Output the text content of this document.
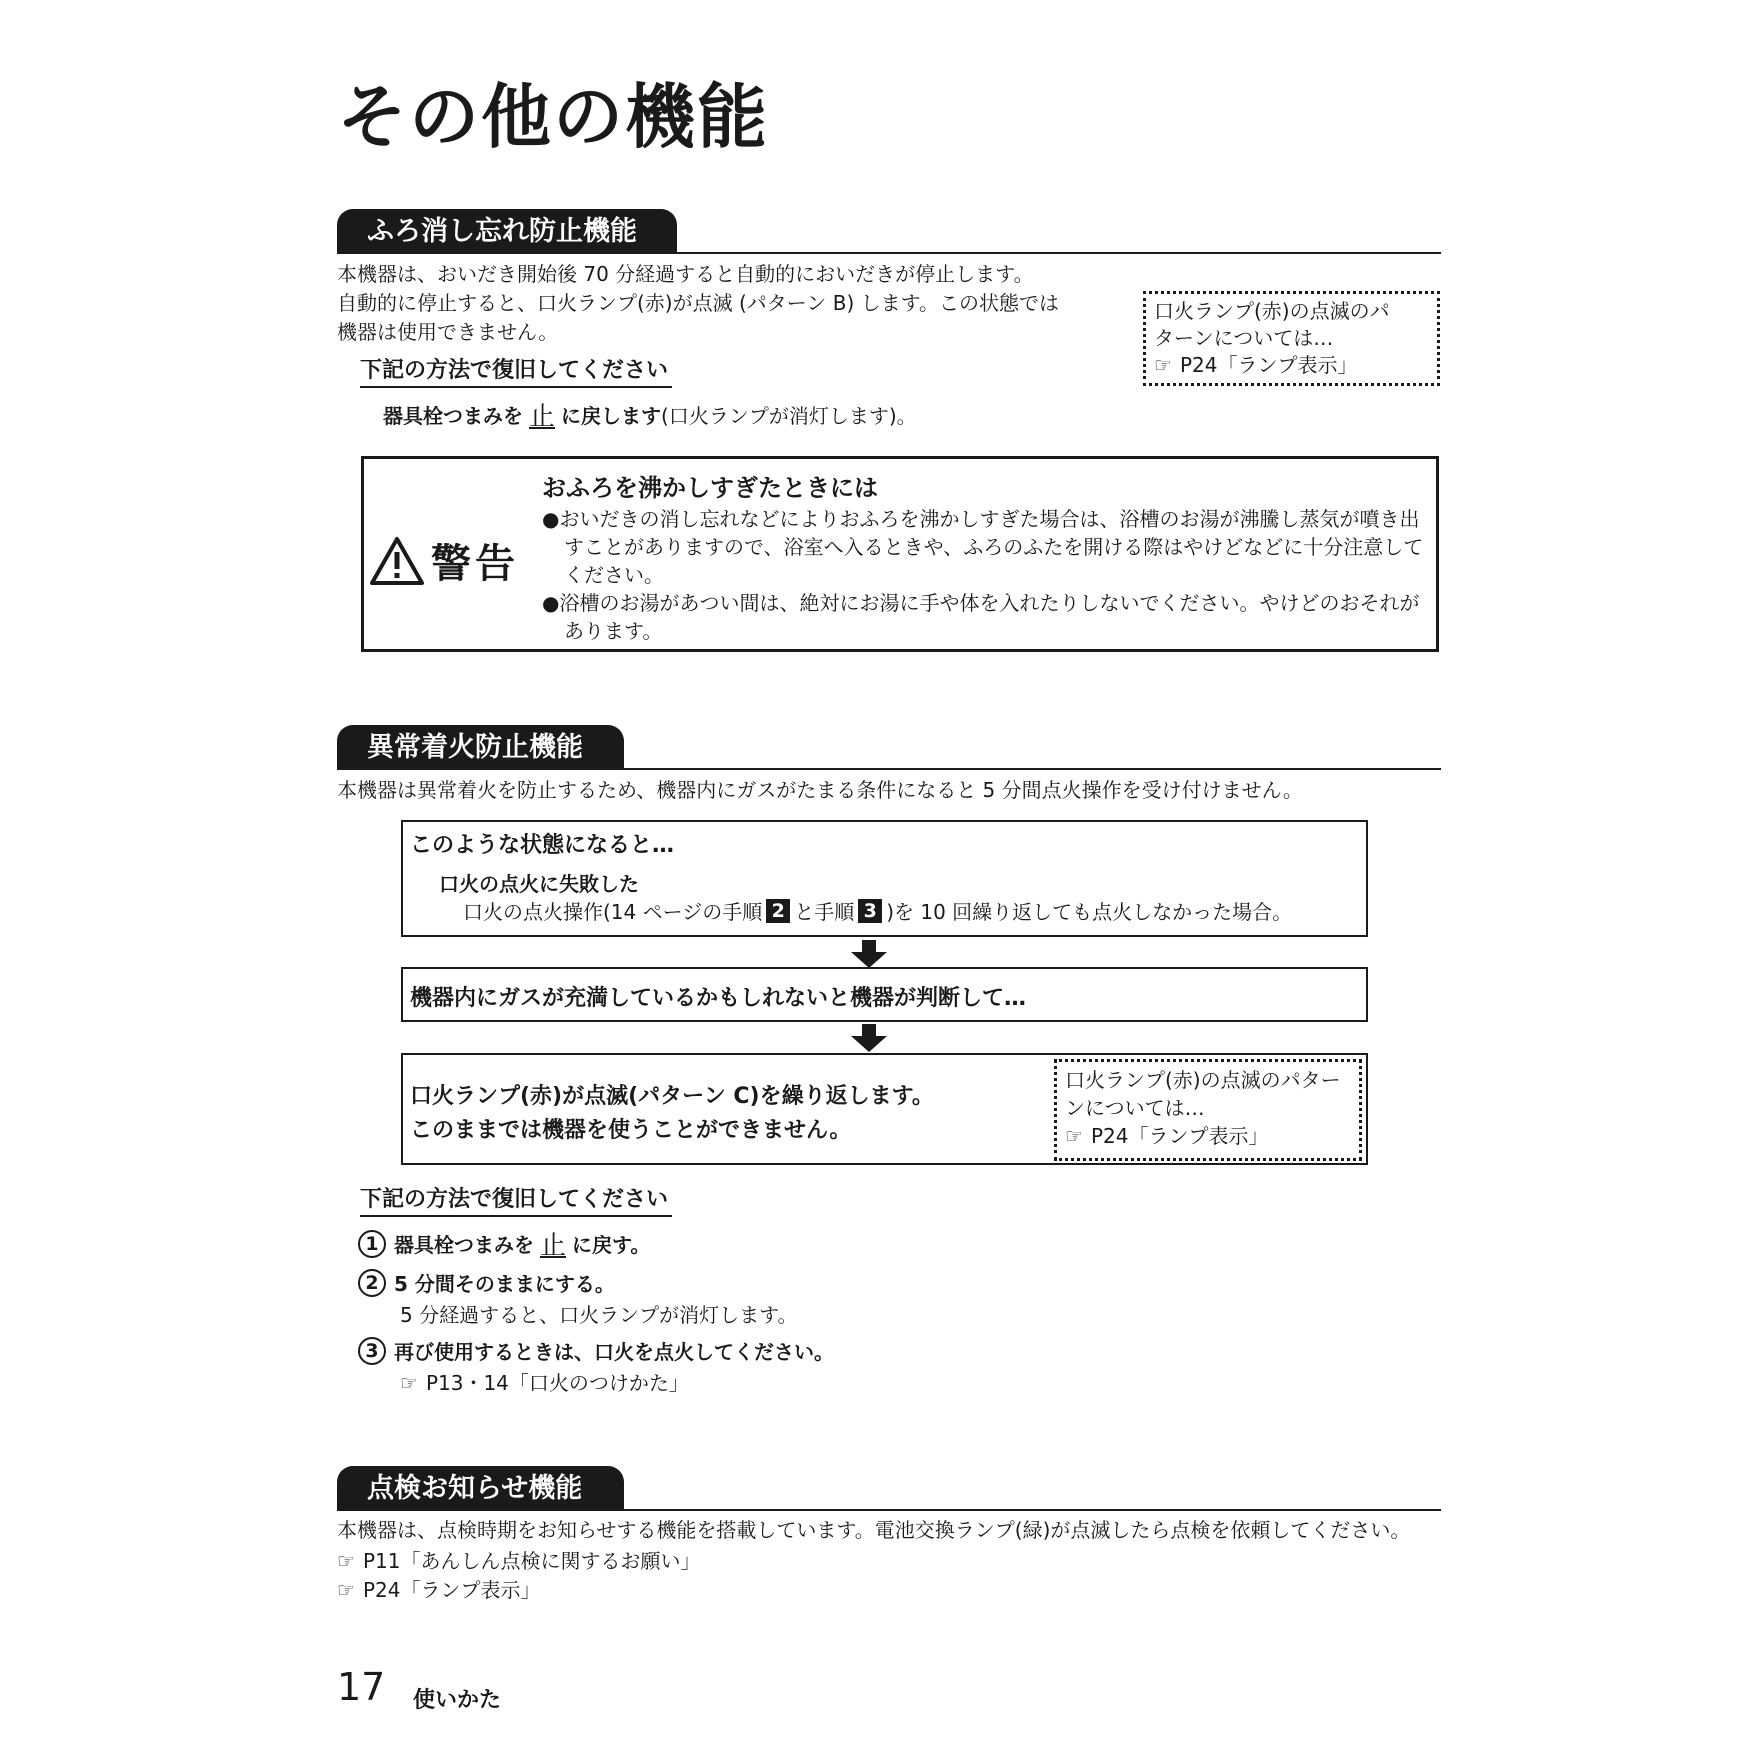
その他の機能
ふろ消し忘れ防止機能
本機器は、おいだき開始後 70 分経過すると自動的においだきが停止します。
自動的に停止すると、口火ランプ(赤)が点滅 (パターン B) します。この状態では
機器は使用できません。
口火ランプ(赤)の点滅のパ
ターンについては…
☞ P24「ランプ表示」
下記の方法で復旧してください
器具栓つまみを 止 に戻します (口火ランプが消灯します)。
警告
おふろを沸かしすぎたときには
●おいだきの消し忘れなどによりおふろを沸かしすぎた場合は、浴槽のお湯が沸騰し蒸気が噴き出すことがありますので、浴室へ入るときや、ふろのふたを開ける際はやけどなどに十分注意してください。
●浴槽のお湯があつい間は、絶対にお湯に手や体を入れたりしないでください。やけどのおそれがあります。
異常着火防止機能
本機器は異常着火を防止するため、機器内にガスがたまる条件になると 5 分間点火操作を受け付けません。
このような状態になると…
口火の点火に失敗した
口火の点火操作(14 ページの手順 2 と手順 3 )を 10 回繰り返しても点火しなかった場合。
機器内にガスが充満しているかもしれないと機器が判断して…
口火ランプ(赤)が点滅(パターン C)を繰り返します。
このままでは機器を使うことができません。
口火ランプ(赤)の点滅のパター
ンについては…
☞ P24「ランプ表示」
下記の方法で復旧してください
1 器具栓つまみを 止 に戻す。
2 5 分間そのままにする。
5 分経過すると、口火ランプが消灯します。
3 再び使用するときは、口火を点火してください。
☞ P13・14「口火のつけかた」
点検お知らせ機能
本機器は、点検時期をお知らせする機能を搭載しています。電池交換ランプ(緑)が点滅したら点検を依頼してください。
☞ P11「あんしん点検に関するお願い」
☞ P24「ランプ表示」
17 使いかた
